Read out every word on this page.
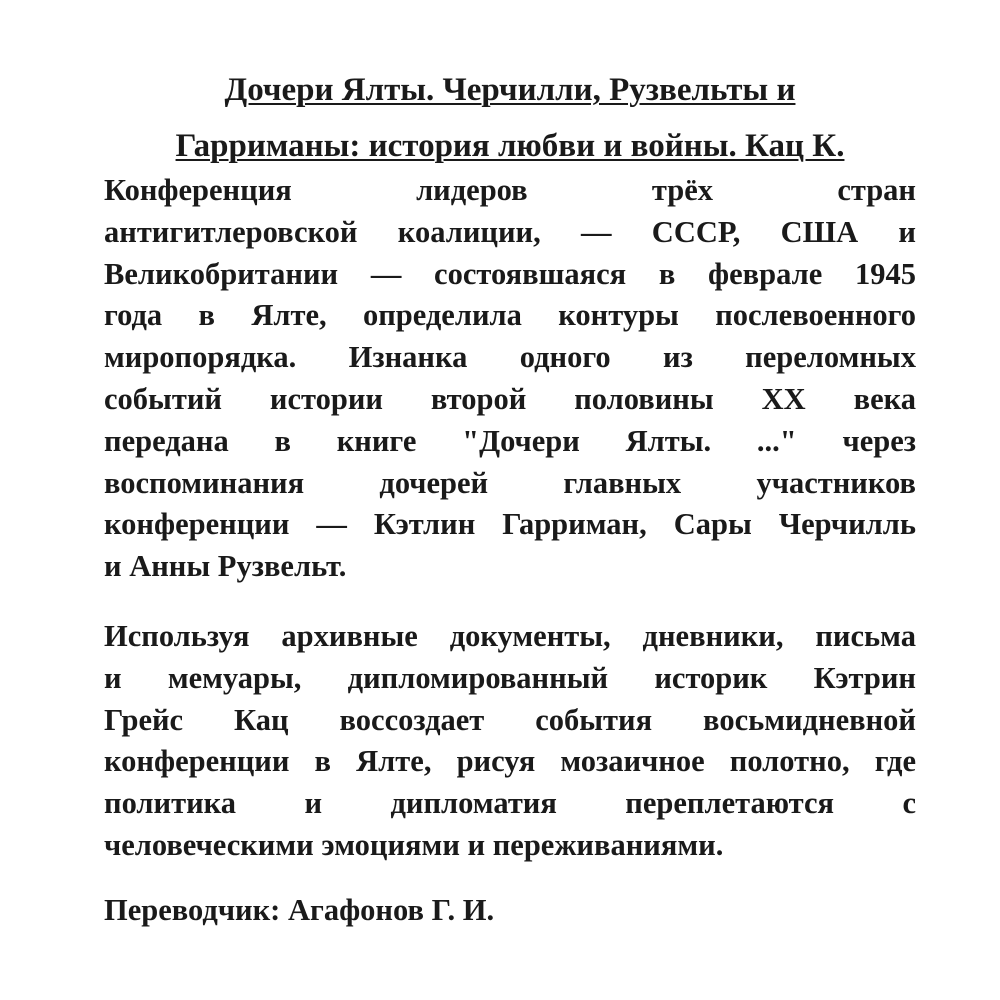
Дочери Ялты. Черчилли, Рузвельты и
Гарриманы: история любви и войны. Кац К.

Конференция лидеров трёх стран
антигитлеровской коалиции, — СССР, США и
Великобритании — состоявшаяся в феврале 1945
года в Ялте, определила контуры послевоенного
миропорядка. Изнанка одного из переломных
событий истории второй половины XX века
передана в книге "Дочери Ялты. ..." через
воспоминания дочерей главных участников
конференции — Кэтлин Гарриман, Сары Черчилль
и Анны Рузвельт.

Используя архивные документы, дневники, письма
и мемуары, дипломированный историк Кэтрин
Грейс Кац воссоздает события восьмидневной
конференции в Ялте, рисуя мозаичное полотно, где
политика и дипломатия переплетаются с
человеческими эмоциями и переживаниями.

Переводчик: Агафонов Г. И.
